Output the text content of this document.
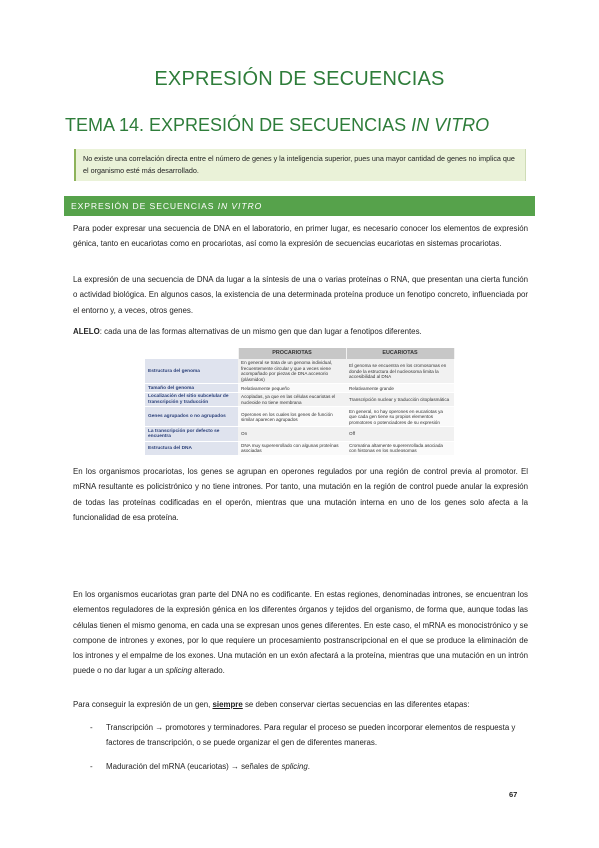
EXPRESIÓN DE SECUENCIAS
TEMA 14. EXPRESIÓN DE SECUENCIAS IN VITRO
No existe una correlación directa entre el número de genes y la inteligencia superior, pues una mayor cantidad de genes no implica que el organismo esté más desarrollado.
EXPRESIÓN DE SECUENCIAS IN VITRO
Para poder expresar una secuencia de DNA en el laboratorio, en primer lugar, es necesario conocer los elementos de expresión génica, tanto en eucariotas como en procariotas, así como la expresión de secuencias eucariotas en sistemas procariotas.
La expresión de una secuencia de DNA da lugar a la síntesis de una o varias proteínas o RNA, que presentan una cierta función o actividad biológica. En algunos casos, la existencia de una determinada proteína produce un fenotipo concreto, influenciada por el entorno y, a veces, otros genes.
ALELO: cada una de las formas alternativas de un mismo gen que dan lugar a fenotipos diferentes.
	PROCARIOTAS	EUCARIOTAS
Estructura del genoma	En general se trata de un genoma individual, frecuentemente circular y que a veces viene acompañado por piezas de DNA accesorio (plásmidos)	El genoma se encuentra en los cromosomas en donde la estructura del nucleosoma limita la accesibilidad al DNA
Tamaño del genoma	Relativamente pequeño	Relativamente grande
Localización del sitio subcelular de transcripción y traducción	Acopladas, ya que en las células eucariotas el nucleoide no tiene membrana	Transcripción nuclear y traducción citoplasmática
Genes agrupados o no agrupados	Operones en los cuales los genes de función similar aparecen agrupados	En general, no hay operones en eucariotas ya que cada gen tiene su propios elementos promotores o potenciadores de su expresión
La transcripción por defecto se encuentra	On	Off
Estructura del DNA	DNA muy superenrollado con algunas proteínas asociadas	Cromatina altamente superenrollada asociada con histonas en los nucleosomas
En los organismos procariotas, los genes se agrupan en operones regulados por una región de control previa al promotor. El mRNA resultante es policistrónico y no tiene intrones. Por tanto, una mutación en la región de control puede anular la expresión de todas las proteínas codificadas en el operón, mientras que una mutación interna en uno de los genes solo afecta a la funcionalidad de esa proteína.
En los organismos eucariotas gran parte del DNA no es codificante. En estas regiones, denominadas intrones, se encuentran los elementos reguladores de la expresión génica en los diferentes órganos y tejidos del organismo, de forma que, aunque todas las células tienen el mismo genoma, en cada una se expresan unos genes diferentes. En este caso, el mRNA es monocistrónico y se compone de intrones y exones, por lo que requiere un procesamiento postranscripcional en el que se produce la eliminación de los intrones y el empalme de los exones. Una mutación en un exón afectará a la proteína, mientras que una mutación en un intrón puede o no dar lugar a un splicing alterado.
Para conseguir la expresión de un gen, siempre se deben conservar ciertas secuencias en las diferentes etapas:
- Transcripción → promotores y terminadores. Para regular el proceso se pueden incorporar elementos de respuesta y factores de transcripción, o se puede organizar el gen de diferentes maneras.
- Maduración del mRNA (eucariotas) → señales de splicing.
67
